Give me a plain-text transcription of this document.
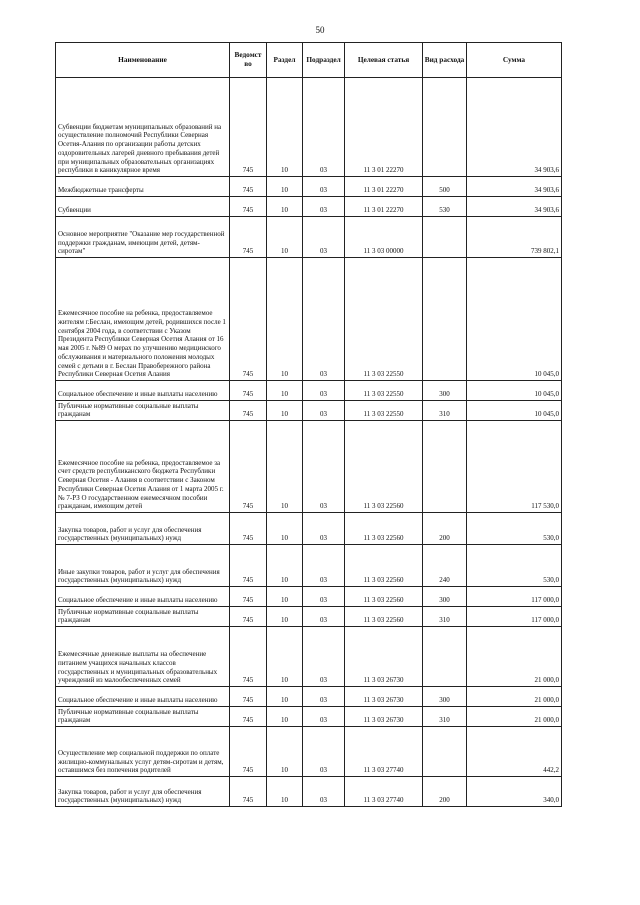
50
Наименование	Ведомст во	Раздел	Подраздел	Целевая статья	Вид расхода	Сумма
Субвенции бюджетам муниципальных образований на осуществление полномочий Республики Северная Осетия-Алания по организации работы детских оздоровительных лагерей дневного пребывания детей при муниципальных образовательных организациях республики в каникулярное время	745	10	03	11 3 01 22270		34 903,6
Межбюджетные трансферты	745	10	03	11 3 01 22270	500	34 903,6
Субвенции	745	10	03	11 3 01 22270	530	34 903,6
Основное мероприятие "Оказание мер государственной поддержки гражданам, имеющим детей, детям-сиротам"	745	10	03	11 3 03 00000		739 802,1
Ежемесячное пособие на ребенка, предоставляемое жителям г.Беслан, имеющим детей, родившихся после 1 сентября 2004 года, в соответствии с Указом Президента Республики Северная Осетия Алания от 16 мая 2005 г. №89 О мерах по улучшению медицинского обслуживания и материального положения молодых семей с детьми в г. Беслан Правобережного района Республики Северная Осетия Алания	745	10	03	11 3 03 22550		10 045,0
Социальное обеспечение и иные выплаты населению	745	10	03	11 3 03 22550	300	10 045,0
Публичные нормативные социальные выплаты гражданам	745	10	03	11 3 03 22550	310	10 045,0
Ежемесячное пособие на ребенка, предоставляемое за счет средств республиканского бюджета Республики Северная Осетия - Алания в соответствии с Законом Республики Северная Осетия Алания от 1 марта 2005 г. № 7-РЗ О государственном ежемесячном пособии гражданам, имеющим детей	745	10	03	11 3 03 22560		117 530,0
Закупка товаров, работ и услуг для обеспечения государственных (муниципальных) нужд	745	10	03	11 3 03 22560	200	530,0
Иные закупки товаров, работ и услуг для обеспечения государственных (муниципальных) нужд	745	10	03	11 3 03 22560	240	530,0
Социальное обеспечение и иные выплаты населению	745	10	03	11 3 03 22560	300	117 000,0
Публичные нормативные социальные выплаты гражданам	745	10	03	11 3 03 22560	310	117 000,0
Ежемесячные денежные выплаты на обеспечение питанием учащихся начальных классов государственных и муниципальных образовательных учреждений из малообеспеченных семей	745	10	03	11 3 03 26730		21 000,0
Социальное обеспечение и иные выплаты населению	745	10	03	11 3 03 26730	300	21 000,0
Публичные нормативные социальные выплаты гражданам	745	10	03	11 3 03 26730	310	21 000,0
Осуществление мер социальной поддержки по оплате жилищно-коммунальных услуг детям-сиротам и детям, оставшимся без попечения родителей	745	10	03	11 3 03 27740		442,2
Закупка товаров, работ и услуг для обеспечения государственных (муниципальных) нужд	745	10	03	11 3 03 27740	200	340,0
